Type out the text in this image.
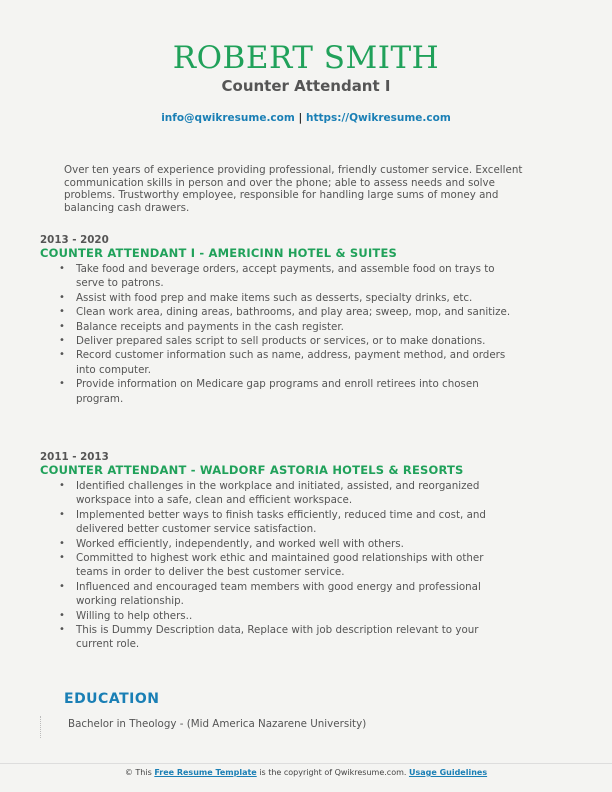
ROBERT SMITH
Counter Attendant I
info@qwikresume.com | https://Qwikresume.com
Over ten years of experience providing professional, friendly customer service. Excellent communication skills in person and over the phone; able to assess needs and solve problems. Trustworthy employee, responsible for handling large sums of money and balancing cash drawers.
2013 - 2020
COUNTER ATTENDANT I - AMERICINN HOTEL & SUITES
• Take food and beverage orders, accept payments, and assemble food on trays to serve to patrons.
• Assist with food prep and make items such as desserts, specialty drinks, etc.
• Clean work area, dining areas, bathrooms, and play area; sweep, mop, and sanitize.
• Balance receipts and payments in the cash register.
• Deliver prepared sales script to sell products or services, or to make donations.
• Record customer information such as name, address, payment method, and orders into computer.
• Provide information on Medicare gap programs and enroll retirees into chosen program.
2011 - 2013
COUNTER ATTENDANT - WALDORF ASTORIA HOTELS & RESORTS
• Identified challenges in the workplace and initiated, assisted, and reorganized workspace into a safe, clean and efficient workspace.
• Implemented better ways to finish tasks efficiently, reduced time and cost, and delivered better customer service satisfaction.
• Worked efficiently, independently, and worked well with others.
• Committed to highest work ethic and maintained good relationships with other teams in order to deliver the best customer service.
• Influenced and encouraged team members with good energy and professional working relationship.
• Willing to help others..
• This is Dummy Description data, Replace with job description relevant to your current role.
EDUCATION
Bachelor in Theology - (Mid America Nazarene University)
© This Free Resume Template is the copyright of Qwikresume.com. Usage Guidelines
